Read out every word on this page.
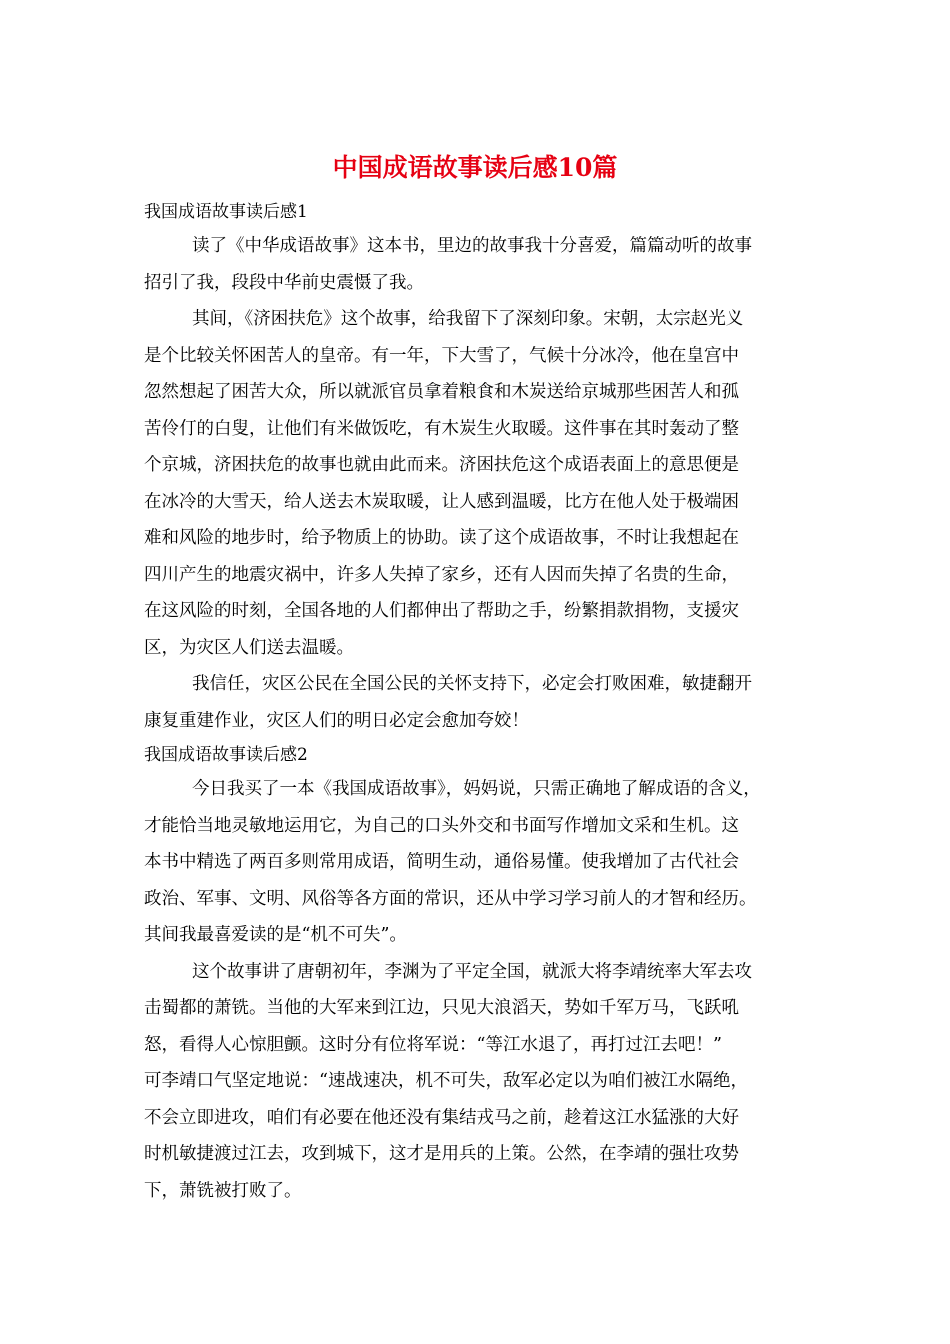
中国成语故事读后感10篇

我国成语故事读后感1

读了《中华成语故事》这本书，里边的故事我十分喜爱，篇篇动听的故事
招引了我，段段中华前史震慑了我。
其间，《济困扶危》这个故事，给我留下了深刻印象。宋朝，太宗赵光义
是个比较关怀困苦人的皇帝。有一年，下大雪了，气候十分冰冷，他在皇宫中
忽然想起了困苦大众，所以就派官员拿着粮食和木炭送给京城那些困苦人和孤
苦伶仃的白叟，让他们有米做饭吃，有木炭生火取暖。这件事在其时轰动了整
个京城，济困扶危的故事也就由此而来。济困扶危这个成语表面上的意思便是
在冰冷的大雪天，给人送去木炭取暖，让人感到温暖，比方在他人处于极端困
难和风险的地步时，给予物质上的协助。读了这个成语故事，不时让我想起在
四川产生的地震灾祸中，许多人失掉了家乡，还有人因而失掉了名贵的生命，
在这风险的时刻，全国各地的人们都伸出了帮助之手，纷繁捐款捐物，支援灾
区，为灾区人们送去温暖。
我信任，灾区公民在全国公民的关怀支持下，必定会打败困难，敏捷翻开
康复重建作业，灾区人们的明日必定会愈加夸姣！

我国成语故事读后感2

今日我买了一本《我国成语故事》，妈妈说，只需正确地了解成语的含义，
才能恰当地灵敏地运用它，为自己的口头外交和书面写作增加文采和生机。这
本书中精选了两百多则常用成语，简明生动，通俗易懂。使我增加了古代社会
政治、军事、文明、风俗等各方面的常识，还从中学习学习前人的才智和经历。
其间我最喜爱读的是“机不可失”。
这个故事讲了唐朝初年，李渊为了平定全国，就派大将李靖统率大军去攻
击蜀都的萧铣。当他的大军来到江边，只见大浪滔天，势如千军万马，飞跃吼
怒，看得人心惊胆颤。这时分有位将军说：“等江水退了，再打过江去吧！”
可李靖口气坚定地说：“速战速决，机不可失，敌军必定以为咱们被江水隔绝，
不会立即进攻，咱们有必要在他还没有集结戎马之前，趁着这江水猛涨的大好
时机敏捷渡过江去，攻到城下，这才是用兵的上策。公然，在李靖的强壮攻势
下，萧铣被打败了。
